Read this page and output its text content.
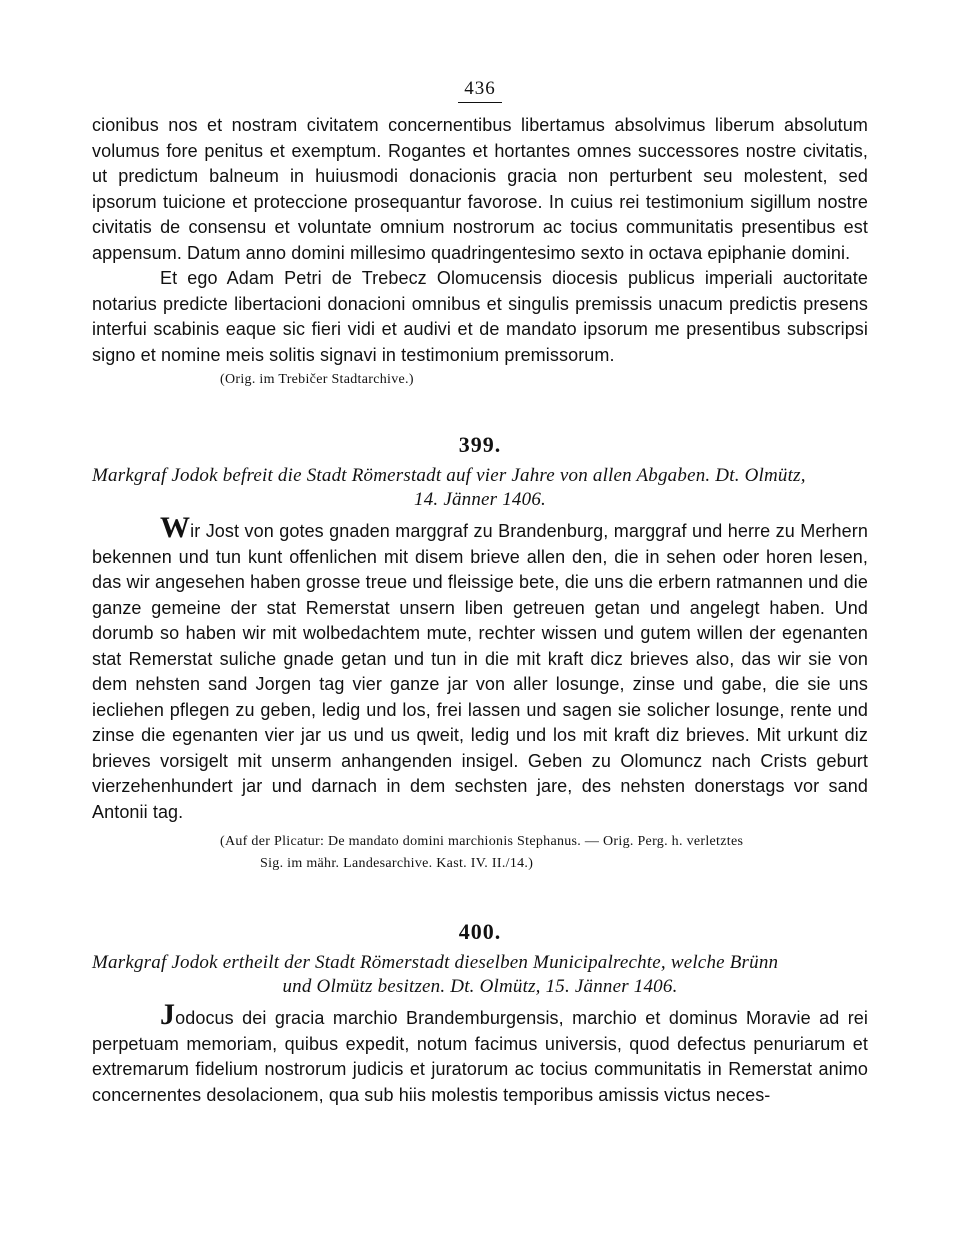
436

cionibus nos et nostram civitatem concernentibus libertamus absolvimus liberum absolutum volumus fore penitus et exemptum. Rogantes et hortantes omnes successores nostre civitatis, ut predictum balneum in huiusmodi donacionis gracia non perturbent seu molestent, sed ipsorum tuicione et proteccione prosequantur favorose. In cuius rei testimonium sigillum nostre civitatis de consensu et voluntate omnium nostrorum ac tocius communitatis presentibus est appensum. Datum anno domini millesimo quadringentesimo sexto in octava epiphanie domini.

Et ego Adam Petri de Trebecz Olomucensis diocesis publicus imperiali auctoritate notarius predicte libertacioni donacioni omnibus et singulis premissis unacum predictis presens interfui scabinis eaque sic fieri vidi et audivi et de mandato ipsorum me presentibus subscripsi signo et nomine meis solitis signavi in testimonium premissorum.

(Orig. im Trebičer Stadtarchive.)
399.
Markgraf Jodok befreit die Stadt Römerstadt auf vier Jahre von allen Abgaben. Dt. Olmütz,
14. Jänner 1406.

Wir Jost von gotes gnaden marggraf zu Brandenburg, marggraf und herre zu Merhern bekennen und tun kunt offenlichen mit disem brieve allen den, die in sehen oder horen lesen, das wir angesehen haben grosse treue und fleissige bete, die uns die erbern ratmannen und die ganze gemeine der stat Remerstat unsern liben getreuen getan und angelegt haben. Und dorumb so haben wir mit wolbedachtem mute, rechter wissen und gutem willen der egenanten stat Remerstat suliche gnade getan und tun in die mit kraft dicz brieves also, das wir sie von dem nehsten sand Jorgen tag vier ganze jar von aller losunge, zinse und gabe, die sie uns iecliehen pflegen zu geben, ledig und los, frei lassen und sagen sie solicher losunge, rente und zinse die egenanten vier jar us und us qweit, ledig und los mit kraft diz brieves. Mit urkunt diz brieves vorsigelt mit unserm anhangenden insigel. Geben zu Olomuncz nach Crists geburt vierzehenhundert jar und darnach in dem sechsten jare, des nehsten donerstags vor sand Antonii tag.

(Auf der Plicatur: De mandato domini marchionis Stephanus. — Orig. Perg. h. verletztes
Sig. im mähr. Landesarchive. Kast. IV. II./14.)
400.
Markgraf Jodok ertheilt der Stadt Römerstadt dieselben Municipalrechte, welche Brünn
und Olmütz besitzen. Dt. Olmütz, 15. Jänner 1406.

Jodocus dei gracia marchio Brandemburgensis, marchio et dominus Moravie ad rei perpetuam memoriam, quibus expedit, notum facimus universis, quod defectus penuriarum et extremarum fidelium nostrorum judicis et juratorum ac tocius communitatis in Remerstat animo concernentes desolacionem, qua sub hiis molestis temporibus amissis victus neces-
